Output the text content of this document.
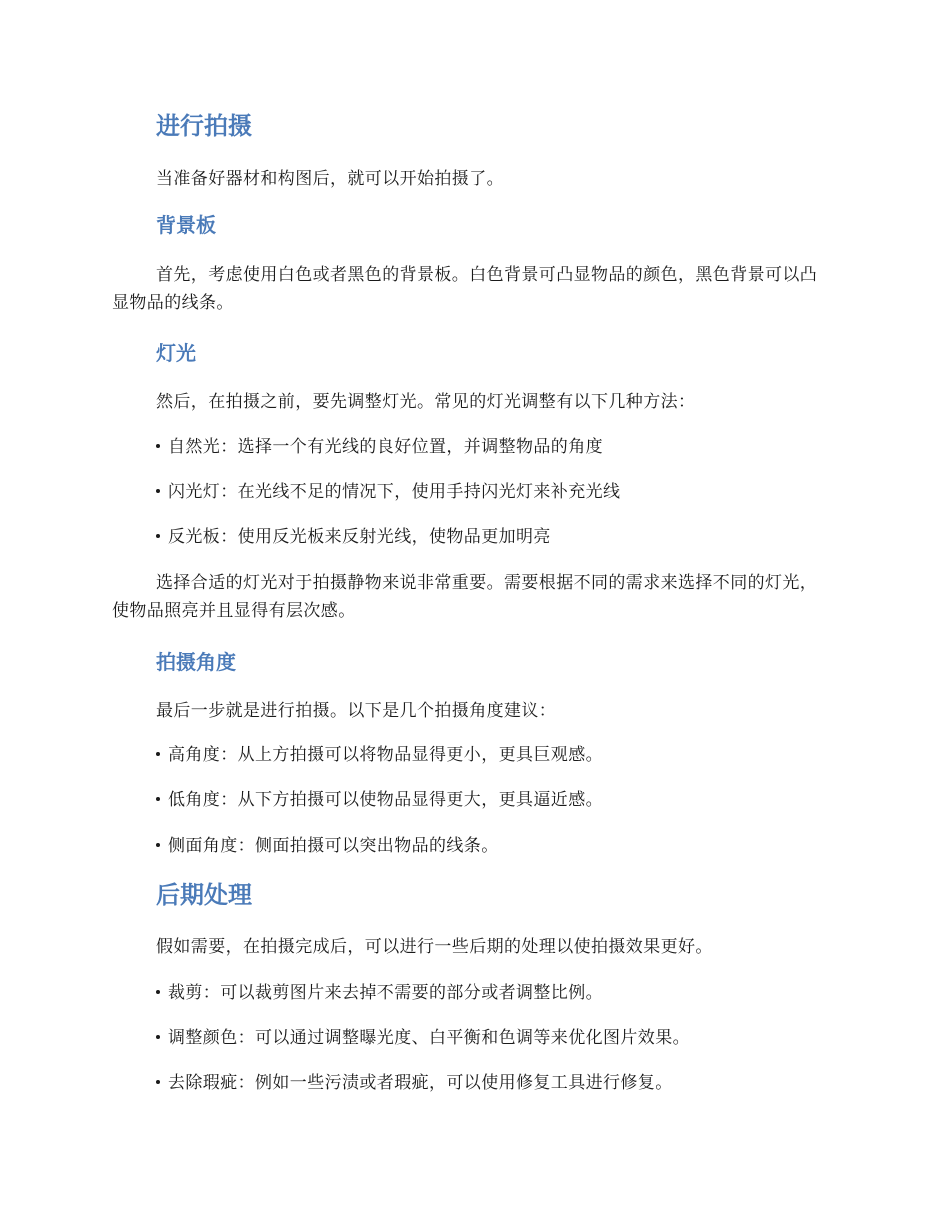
进行拍摄
当准备好器材和构图后，就可以开始拍摄了。
背景板
首先，考虑使用白色或者黑色的背景板。白色背景可凸显物品的颜色，黑色背景可以凸显物品的线条。
灯光
然后，在拍摄之前，要先调整灯光。常见的灯光调整有以下几种方法：
自然光：选择一个有光线的良好位置，并调整物品的角度
闪光灯：在光线不足的情况下，使用手持闪光灯来补充光线
反光板：使用反光板来反射光线，使物品更加明亮
选择合适的灯光对于拍摄静物来说非常重要。需要根据不同的需求来选择不同的灯光，使物品照亮并且显得有层次感。
拍摄角度
最后一步就是进行拍摄。以下是几个拍摄角度建议：
高角度：从上方拍摄可以将物品显得更小，更具巨观感。
低角度：从下方拍摄可以使物品显得更大，更具逼近感。
侧面角度：侧面拍摄可以突出物品的线条。
后期处理
假如需要，在拍摄完成后，可以进行一些后期的处理以使拍摄效果更好。
裁剪：可以裁剪图片来去掉不需要的部分或者调整比例。
调整颜色：可以通过调整曝光度、白平衡和色调等来优化图片效果。
去除瑕疵：例如一些污渍或者瑕疵，可以使用修复工具进行修复。
